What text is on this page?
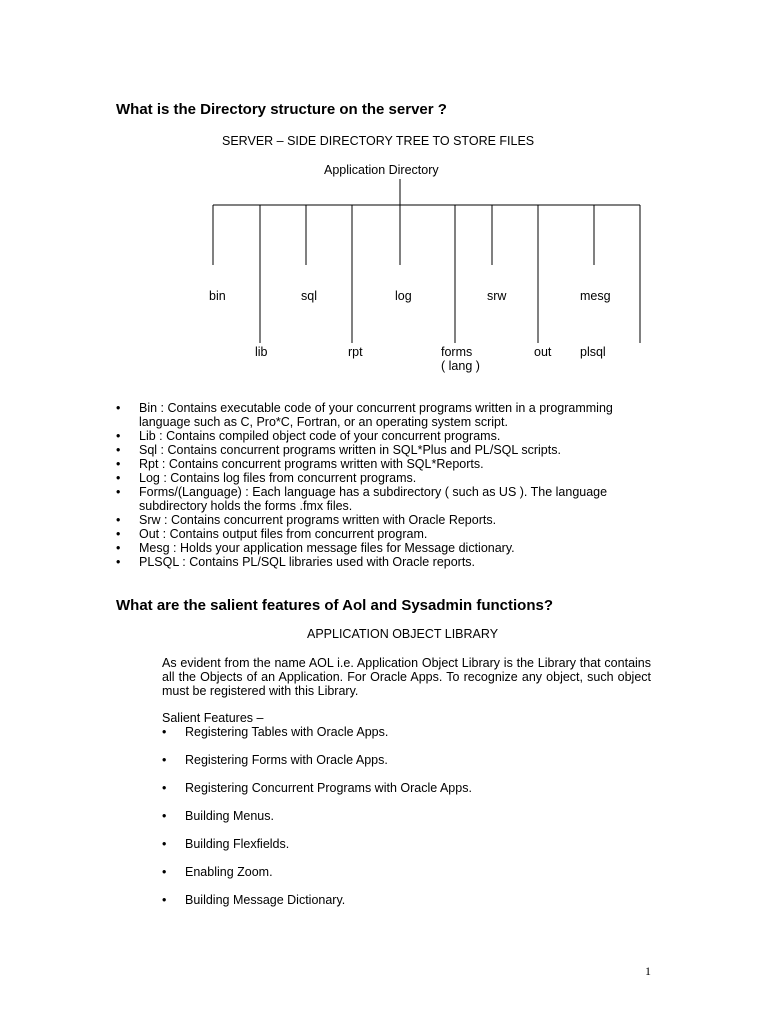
What is the Directory structure on the server ?
SERVER – SIDE DIRECTORY TREE TO STORE FILES
Application Directory
bin	sql	log	srw	mesg
lib	rpt	forms
( lang )
out plsql
• Bin : Contains executable code of your concurrent programs written in a programming language such as C, Pro*C, Fortran, or an operating system script.
• Lib : Contains compiled object code of your concurrent programs.
• Sql : Contains concurrent programs written in SQL*Plus and PL/SQL scripts.
• Rpt : Contains concurrent programs written with SQL*Reports.
• Log : Contains log files from concurrent programs.
• Forms/(Language) : Each language has a subdirectory ( such as US ). The language subdirectory holds the forms .fmx files.
• Srw : Contains concurrent programs written with Oracle Reports.
• Out : Contains output files from concurrent program.
• Mesg : Holds your application message files for Message dictionary.
• PLSQL : Contains PL/SQL libraries used with Oracle reports.
What are the salient features of Aol and Sysadmin functions?
APPLICATION OBJECT LIBRARY

As evident from the name AOL i.e. Application Object Library is the Library that contains all the Objects of an Application. For Oracle Apps. To recognize any object, such object must be registered with this Library.

Salient Features –
• Registering Tables with Oracle Apps.
• Registering Forms with Oracle Apps.
• Registering Concurrent Programs with Oracle Apps.
• Building Menus.
• Building Flexfields.
• Enabling Zoom.
• Building Message Dictionary.
1
